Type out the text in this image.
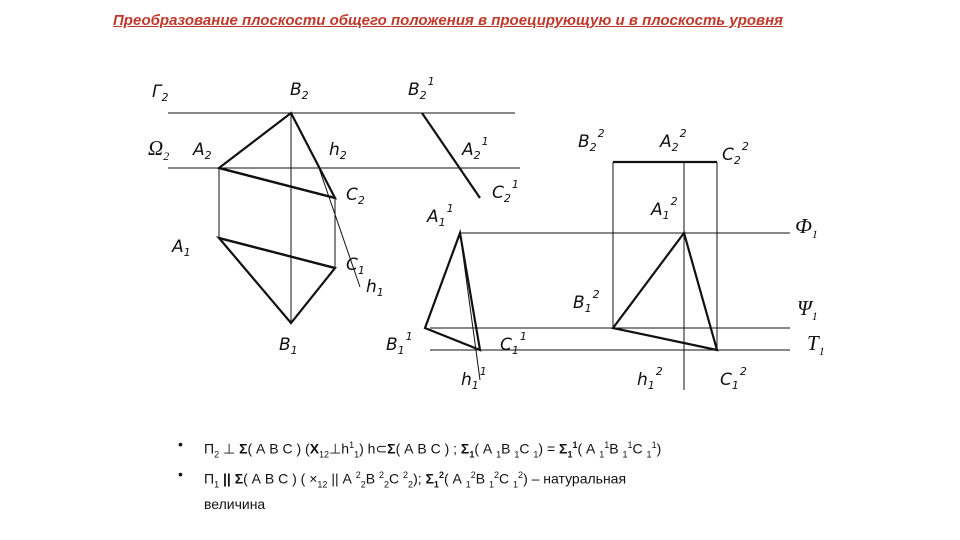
Преобразование плоскости общего положения в проецирующую и в плоскость уровня
$Г_2$
$\Omega_2$
$B_2$
$A_2$	$h_2$
$C_2$
$A_1$
$C_1$
$h_1$
$B_1$
$B_2^1$
$A_2^1$
$C_2^1$
$A_1^1$
$B_1^1$	$C_1^1$
$h_1^1$
$B_2^2$	$A_2^2$
$C_2^2$
$A_1^2$
$B_1^2$
$h_1^2$	$C_1^2$
$Ф_1$
$\Psi_1$
$T_1$
•	$П_2$ ⊥ Σ( А В С ) $(Х_{12}\perp h^1_1)$ h⊂Σ( А В С ) ; $\Sigma_1$( А $_1$В $_1$С $_1) = \Sigma_1^1$( А $_1^1$В $_1^1$С $_1^1$)
•	$П_1$ || Σ( А В С ) ( $\times_{12}$ || А $^2_2$В $^2_2$С $^2_2$); $\Sigma_1^2$( А $_1^2$В $_1^2$С $_1^2$) – натуральная
величина
